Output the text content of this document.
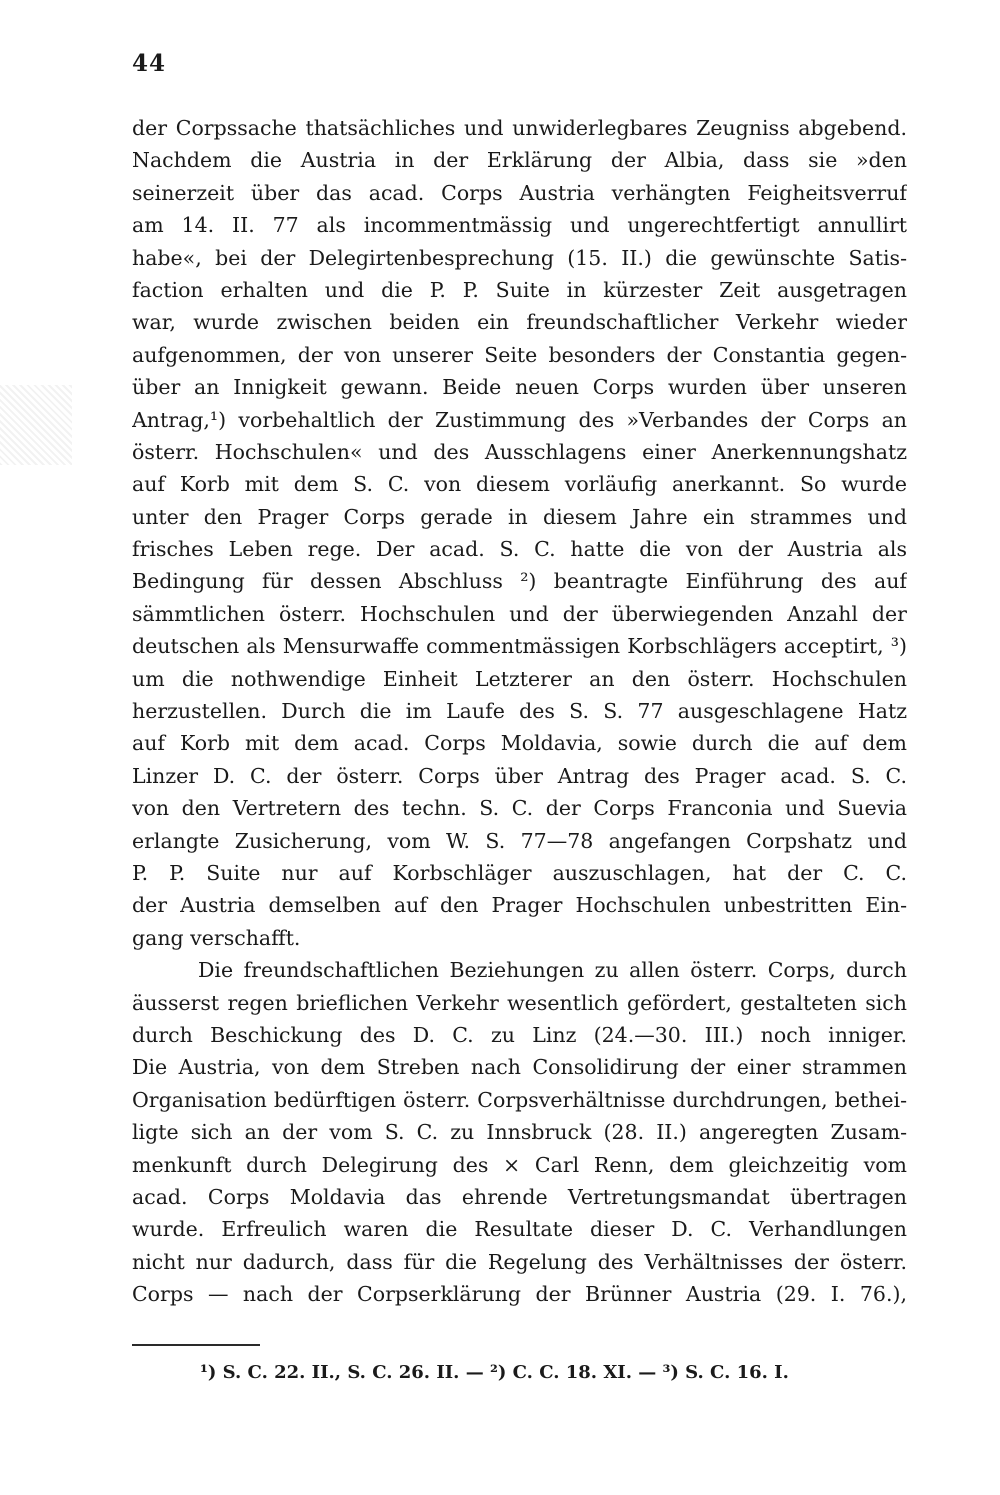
44
der Corpssache thatsächliches und unwiderlegbares Zeugniss abgebend.
Nachdem die Austria in der Erklärung der Albia, dass sie »den
seinerzeit über das acad. Corps Austria verhängten Feigheitsverruf
am 14. II. 77 als incommentmässig und ungerechtfertigt annullirt
habe«, bei der Delegirtenbesprechung (15. II.) die gewünschte Satis-
faction erhalten und die P. P. Suite in kürzester Zeit ausgetragen
war, wurde zwischen beiden ein freundschaftlicher Verkehr wieder
aufgenommen, der von unserer Seite besonders der Constantia gegen-
über an Innigkeit gewann. Beide neuen Corps wurden über unseren
Antrag,¹) vorbehaltlich der Zustimmung des »Verbandes der Corps an
österr. Hochschulen« und des Ausschlagens einer Anerkennungshatz
auf Korb mit dem S. C. von diesem vorläufig anerkannt. So wurde
unter den Prager Corps gerade in diesem Jahre ein strammes und
frisches Leben rege. Der acad. S. C. hatte die von der Austria als
Bedingung für dessen Abschluss ²) beantragte Einführung des auf
sämmtlichen österr. Hochschulen und der überwiegenden Anzahl der
deutschen als Mensurwaffe commentmässigen Korbschlägers acceptirt, ³)
um die nothwendige Einheit Letzterer an den österr. Hochschulen
herzustellen. Durch die im Laufe des S. S. 77 ausgeschlagene Hatz
auf Korb mit dem acad. Corps Moldavia, sowie durch die auf dem
Linzer D. C. der österr. Corps über Antrag des Prager acad. S. C.
von den Vertretern des techn. S. C. der Corps Franconia und Suevia
erlangte Zusicherung, vom W. S. 77—78 angefangen Corpshatz und
P. P. Suite nur auf Korbschläger auszuschlagen, hat der C. C.
der Austria demselben auf den Prager Hochschulen unbestritten Ein-
gang verschafft.
Die freundschaftlichen Beziehungen zu allen österr. Corps, durch
äusserst regen brieflichen Verkehr wesentlich gefördert, gestalteten sich
durch Beschickung des D. C. zu Linz (24.—30. III.) noch inniger.
Die Austria, von dem Streben nach Consolidirung der einer strammen
Organisation bedürftigen österr. Corpsverhältnisse durchdrungen, bethei-
ligte sich an der vom S. C. zu Innsbruck (28. II.) angeregten Zusam-
menkunft durch Delegirung des × Carl Renn, dem gleichzeitig vom
acad. Corps Moldavia das ehrende Vertretungsmandat übertragen
wurde. Erfreulich waren die Resultate dieser D. C. Verhandlungen
nicht nur dadurch, dass für die Regelung des Verhältnisses der österr.
Corps — nach der Corpserklärung der Brünner Austria (29. I. 76.),
¹) S. C. 22. II., S. C. 26. II. — ²) C. C. 18. XI. — ³) S. C. 16. I.
